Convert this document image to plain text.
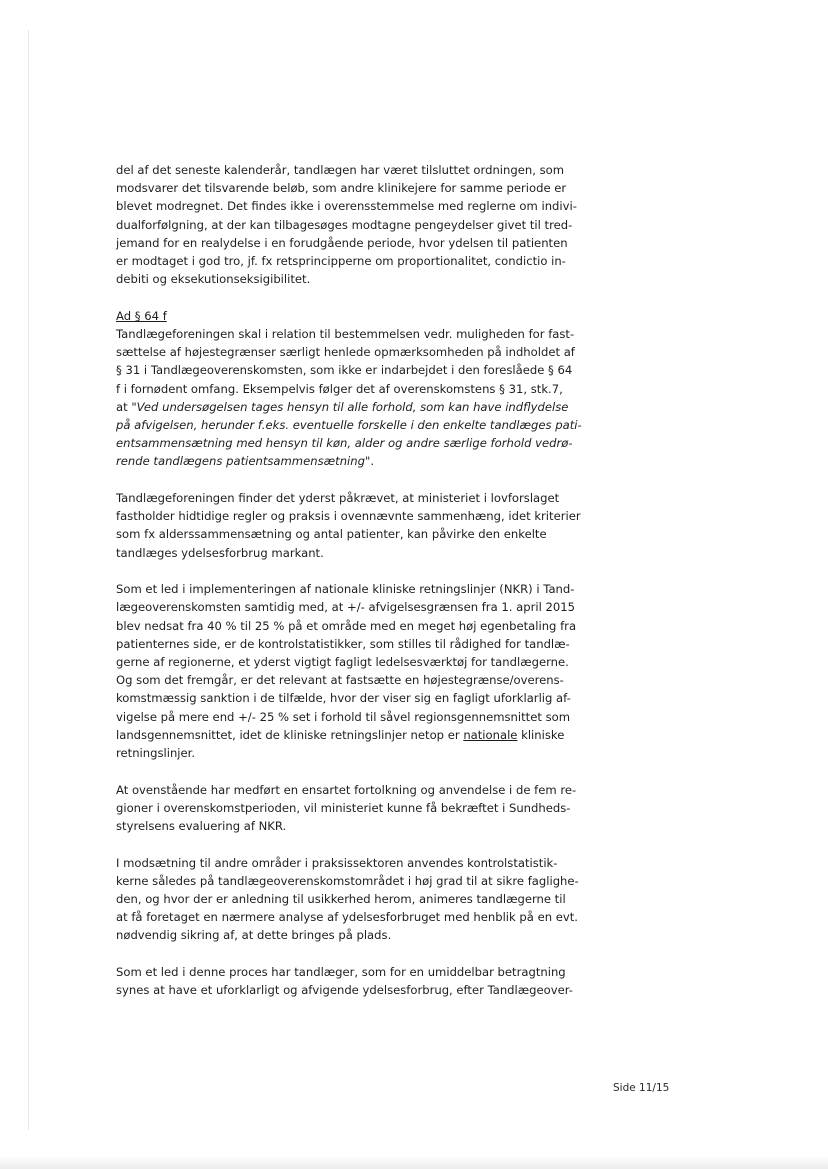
del af det seneste kalenderår, tandlægen har været tilsluttet ordningen, som
modsvarer det tilsvarende beløb, som andre klinikejere for samme periode er
blevet modregnet. Det findes ikke i overensstemmelse med reglerne om indivi-
dualforfølgning, at der kan tilbagesøges modtagne pengeydelser givet til tred-
jemand for en realydelse i en forudgående periode, hvor ydelsen til patienten
er modtaget i god tro, jf. fx retsprincipperne om proportionalitet, condictio in-
debiti og eksekutionseksigibilitet.

Ad § 64 f
Tandlægeforeningen skal i relation til bestemmelsen vedr. muligheden for fast-
sættelse af højestegrænser særligt henlede opmærksomheden på indholdet af
§ 31 i Tandlægeoverenskomsten, som ikke er indarbejdet i den foreslåede § 64
f i fornødent omfang. Eksempelvis følger det af overenskomstens § 31, stk.7,
at "Ved undersøgelsen tages hensyn til alle forhold, som kan have indflydelse
på afvigelsen, herunder f.eks. eventuelle forskelle i den enkelte tandlæges pati-
entsammensætning med hensyn til køn, alder og andre særlige forhold vedrø-
rende tandlægens patientsammensætning".

Tandlægeforeningen finder det yderst påkrævet, at ministeriet i lovforslaget
fastholder hidtidige regler og praksis i ovennævnte sammenhæng, idet kriterier
som fx alderssammensætning og antal patienter, kan påvirke den enkelte
tandlæges ydelsesforbrug markant.

Som et led i implementeringen af nationale kliniske retningslinjer (NKR) i Tand-
lægeoverenskomsten samtidig med, at +/- afvigelsesgrænsen fra 1. april 2015
blev nedsat fra 40 % til 25 % på et område med en meget høj egenbetaling fra
patienternes side, er de kontrolstatistikker, som stilles til rådighed for tandlæ-
gerne af regionerne, et yderst vigtigt fagligt ledelsesværktøj for tandlægerne.
Og som det fremgår, er det relevant at fastsætte en højestegrænse/overens-
komstmæssig sanktion i de tilfælde, hvor der viser sig en fagligt uforklarlig af-
vigelse på mere end +/- 25 % set i forhold til såvel regionsgennemsnittet som
landsgennemsnittet, idet de kliniske retningslinjer netop er nationale kliniske
retningslinjer.

At ovenstående har medført en ensartet fortolkning og anvendelse i de fem re-
gioner i overenskomstperioden, vil ministeriet kunne få bekræftet i Sundheds-
styrelsens evaluering af NKR.

I modsætning til andre områder i praksissektoren anvendes kontrolstatistik-
kerne således på tandlægeoverenskomstområdet i høj grad til at sikre faglighe-
den, og hvor der er anledning til usikkerhed herom, animeres tandlægerne til
at få foretaget en nærmere analyse af ydelsesforbruget med henblik på en evt.
nødvendig sikring af, at dette bringes på plads.

Som et led i denne proces har tandlæger, som for en umiddelbar betragtning
synes at have et uforklarligt og afvigende ydelsesforbrug, efter Tandlægeover-

Side 11/15
